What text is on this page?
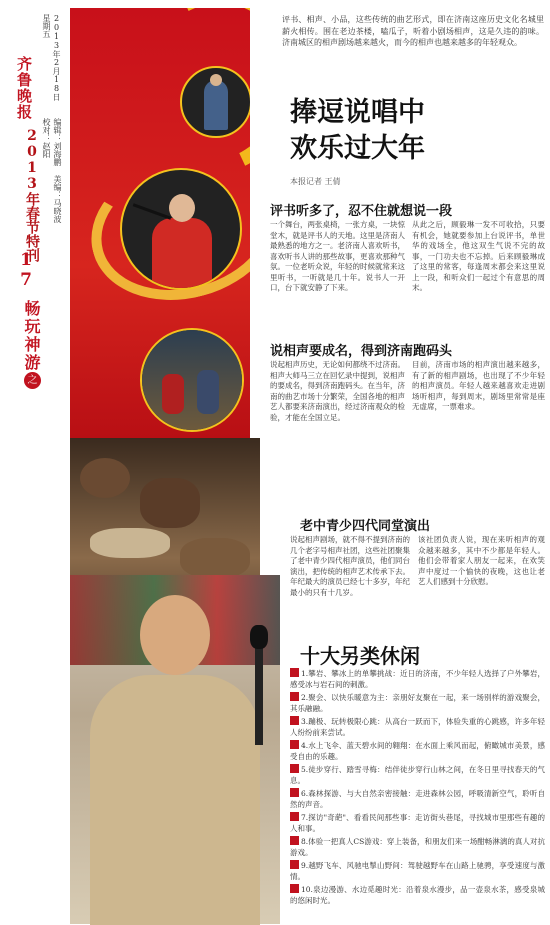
齐鲁晚报	2013年2月18日 星期五
编辑：刘海鹏 美编：马晓波 校对：赵阳
2013年春节特刊
17
畅玩神游
之
评书、相声、小品，这些传统的曲艺形式，即在济南这座历史文化名城里薪火相传。围在老边茶楼，嗑瓜子，听着小剧场相声，这是久违的韵味。济南城区的相声剧场越来越火，而今的相声也越来越多的年轻观众。
捧逗说唱中
欢乐过大年
本报记者 王倩
评书听多了，忍不住就想说一段
一个舞台，两张桌椅，一张方桌，一块惊堂木，就是评书人的天地。这里是济南人最熟悉的地方之一。老济南人喜欢听书，喜欢听书人讲的那些故事，更喜欢那种气氛。一位老听众说，年轻的时候就常来这里听书，一听就是几十年。说书人一开口，台下就安静了下来。
从此之后，顾毅琳一发不可收拾，只要有机会，她就要参加上台说评书，单世华的戏场全，他这双生气说不完的故事，一门功夫也不忘掉。后来顾毅琳成了这里的常客，每逢周末都会来这里说上一段，和听众们一起过个有意思的周末。
说相声要成名，得到济南跑码头
说起相声历史，无论如何都绕不过济南。相声大师马三立在回忆录中提到，说相声的要成名，得到济南跑码头。在当年，济南的曲艺市场十分繁荣，全国各地的相声艺人都要来济南演出，经过济南观众的检验，才能在全国立足。
目前，济南市场的相声演出越来越多，有了新的相声剧场，也出现了不少年轻的相声演员。年轻人越来越喜欢走进剧场听相声，每到周末，剧场里常常是座无虚席，一票难求。
老中青少四代同堂演出
说起相声剧场，就不得不提到济南的几个老字号相声社团，这些社团聚集了老中青少四代相声演员，他们同台演出，把传统的相声艺术传承下去。年纪最大的演员已经七十多岁，年纪最小的只有十几岁。
该社团负责人说，现在来听相声的观众越来越多，其中不少都是年轻人。他们会带着家人朋友一起来，在欢笑声中度过一个愉快的夜晚，这也让老艺人们感到十分欣慰。
十大另类休闲
1.攀岩、攀冰上的单攀挑战：近日的济南，不少年轻人选择了户外攀岩，感受冰与岩石间的刺激。
2.聚会、以快乐暖意为主：亲朋好友聚在一起，来一场别样的游戏聚会，其乐融融。
3.蹦极、玩转极限心跳：从高台一跃而下，体验失重的心跳感，许多年轻人纷纷前来尝试。
4.水上飞伞、蓝天碧水间的翱翔：在水面上乘风而起，俯瞰城市美景，感受自由的乐趣。
5.徒步穿行、踏雪寻梅：结伴徒步穿行山林之间，在冬日里寻找春天的气息。
6.森林探游、与大自然亲密接触：走进森林公园，呼吸清新空气，聆听自然的声音。
7.探访"奇葩"、看看民间那些事：走访街头巷尾，寻找城市里那些有趣的人和事。
8.体验一把真人CS游戏：穿上装备，和朋友们来一场酣畅淋漓的真人对抗游戏。
9.越野飞车、风驰电掣山野间：驾驶越野车在山路上驰骋，享受速度与激情。
10.泉边漫游、水边觅趣时光：沿着泉水漫步，品一壶泉水茶，感受泉城的悠闲时光。
